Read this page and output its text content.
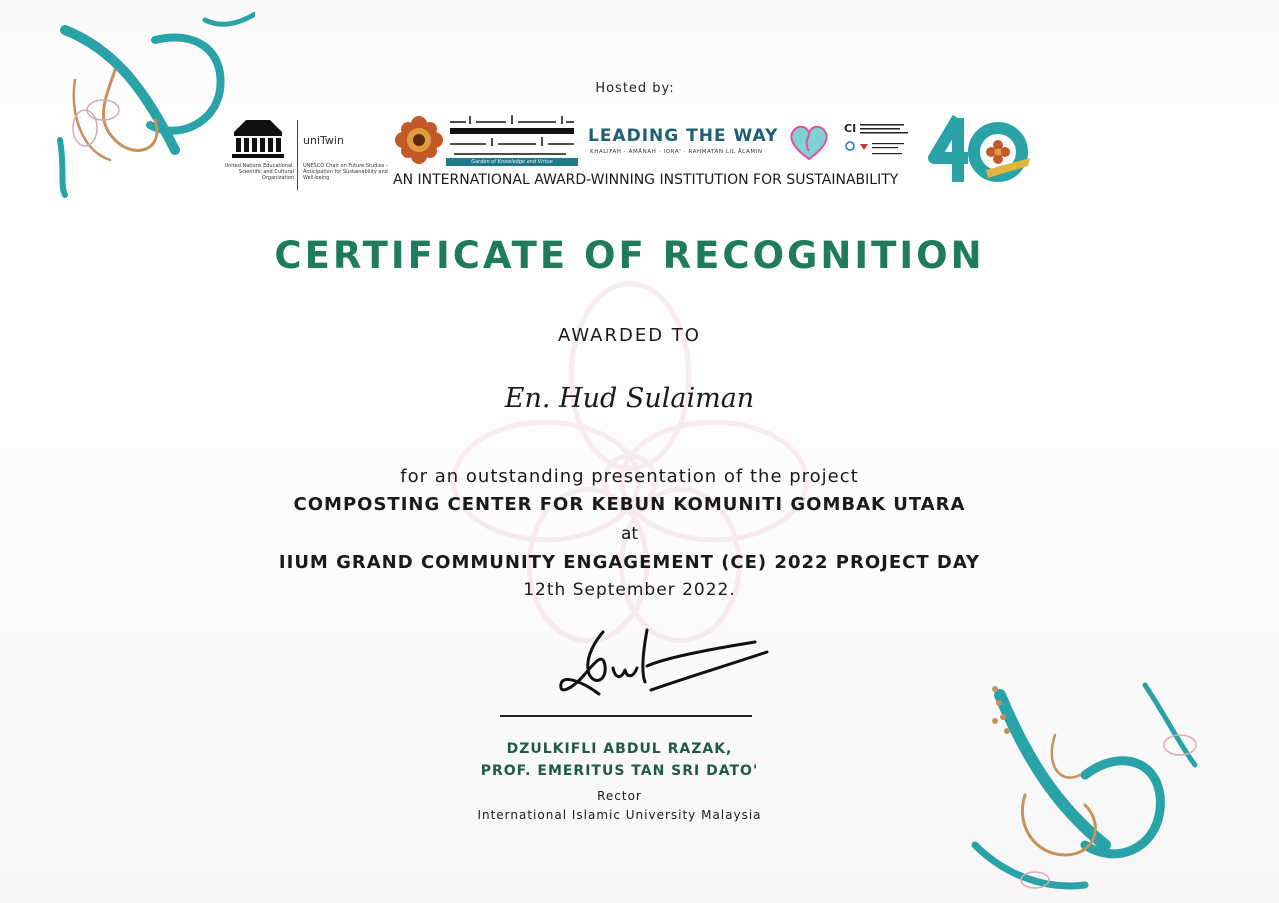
Hosted by:
United Nations Educational, Scientific and Cultural Organization
uniTwin
UNESCO Chair on Future Studies - Anticipation for Sustainability and Well-being
Garden of Knowledge and Virtue
LEADING THE WAY
KHALIFAH · AMĀNAH · IQRA' · RAHMATAN LIL ĀLAMIN
CI
AN INTERNATIONAL AWARD-WINNING INSTITUTION FOR SUSTAINABILITY
CERTIFICATE OF RECOGNITION
AWARDED TO
En. Hud Sulaiman
for an outstanding presentation of the project
COMPOSTING CENTER FOR KEBUN KOMUNITI GOMBAK UTARA
at
IIUM GRAND COMMUNITY ENGAGEMENT (CE) 2022 PROJECT DAY
12th September 2022.
DZULKIFLI ABDUL RAZAK,
PROF. EMERITUS TAN SRI DATO'
Rector
International Islamic University Malaysia
